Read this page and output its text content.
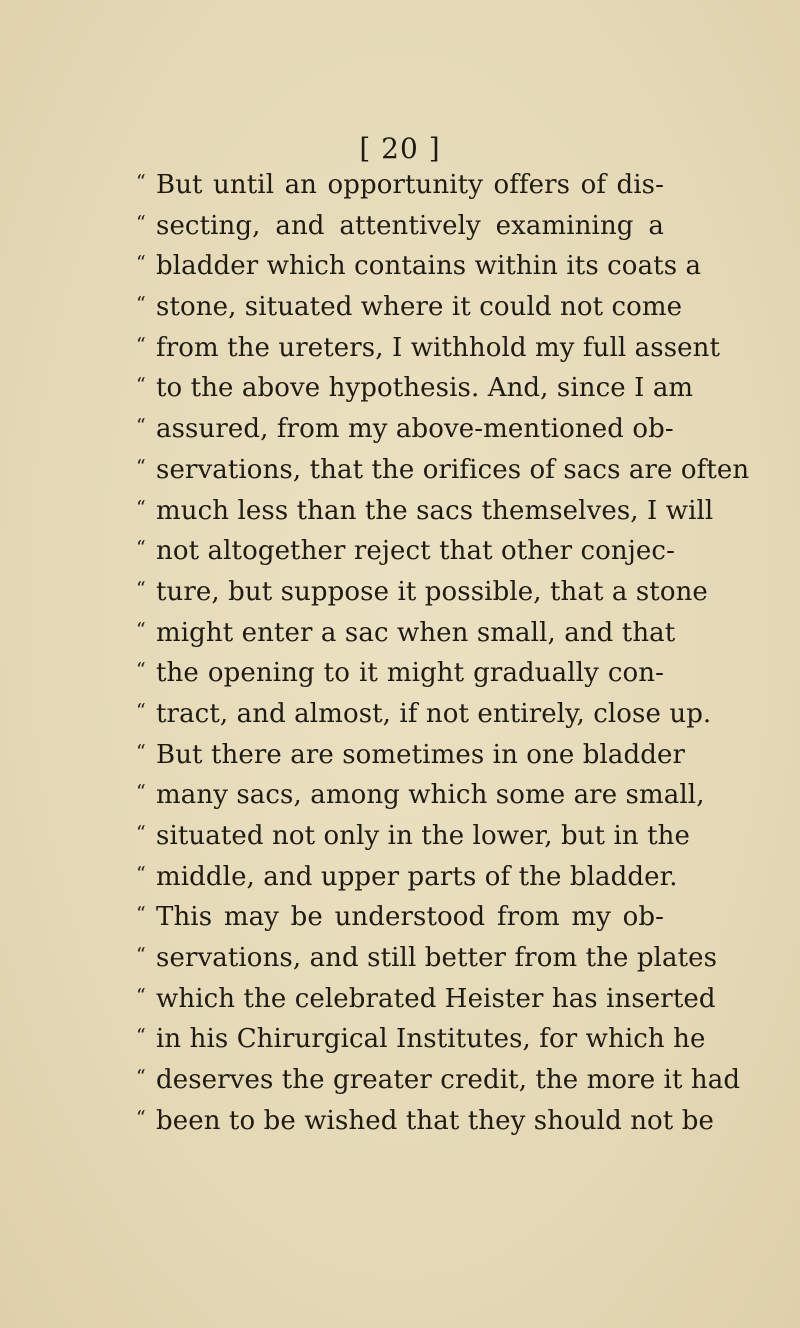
[ 20 ]
“ But until an opportunity offers of dis-
“ secting, and attentively examining a
“ bladder which contains within its coats a
“ stone, situated where it could not come
“ from the ureters, I withhold my full assent
“ to the above hypothesis. And, since I am
“ assured, from my above-mentioned ob-
“ servations, that the orifices of sacs are often
“ much less than the sacs themselves, I will
“ not altogether reject that other conjec-
“ ture, but suppose it possible, that a stone
“ might enter a sac when small, and that
“ the opening to it might gradually con-
“ tract, and almost, if not entirely, close up.
“ But there are sometimes in one bladder
“ many sacs, among which some are small,
“ situated not only in the lower, but in the
“ middle, and upper parts of the bladder.
“ This may be understood from my ob-
“ servations, and still better from the plates
“ which the celebrated Heister has inserted
“ in his Chirurgical Institutes, for which he
“ deserves the greater credit, the more it had
“ been to be wished that they should not be
